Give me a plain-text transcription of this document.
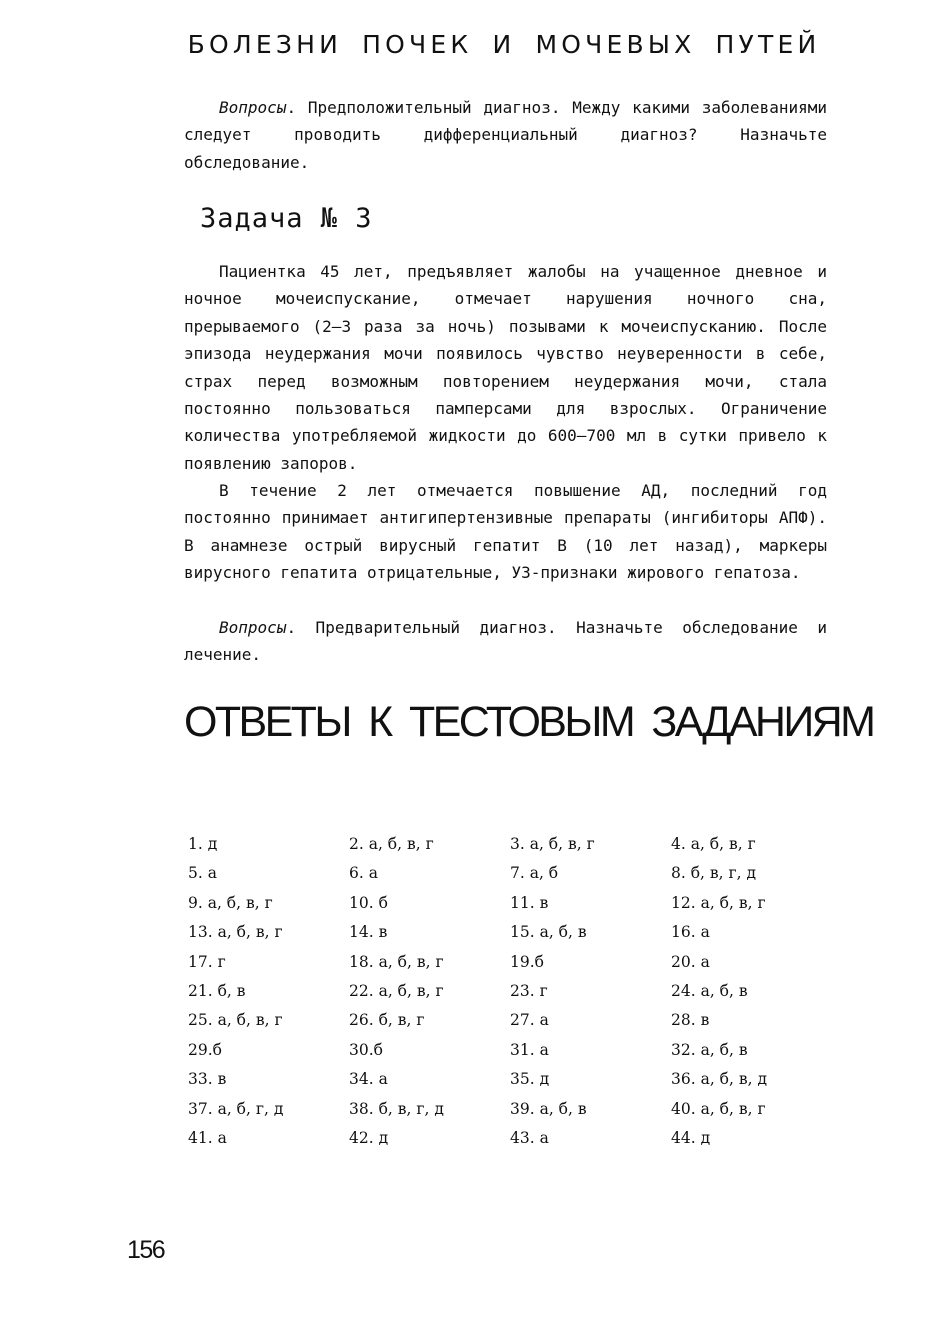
БОЛЕЗНИ ПОЧЕК И МОЧЕВЫХ ПУТЕЙ

Вопросы. Предположительный диагноз. Между какими заболеваниями следует проводить дифференциальный диагноз? Назначьте обследование.

Задача № 3

Пациентка 45 лет, предъявляет жалобы на учащенное дневное и ночное мочеиспускание, отмечает нарушения ночного сна, прерываемого (2–3 раза за ночь) позывами к мочеиспусканию. После эпизода неудержания мочи появилось чувство неуверенности в себе, страх перед возможным повторением неудержания мочи, стала постоянно пользоваться памперсами для взрослых. Ограничение количества употребляемой жидкости до 600–700 мл в сутки привело к появлению запоров.

В течение 2 лет отмечается повышение АД, последний год постоянно принимает антигипертензивные препараты (ингибиторы АПФ). В анамнезе острый вирусный гепатит В (10 лет назад), маркеры вирусного гепатита отрицательные, УЗ-признаки жирового гепатоза.

Вопросы. Предварительный диагноз. Назначьте обследование и лечение.

ОТВЕТЫ К ТЕСТОВЫМ ЗАДАНИЯМ
1. д	2. а, б, в, г	3. а, б, в, г	4. а, б, в, г
5. а	6. а	7. а, б	8. б, в, г, д
9. а, б, в, г	10. б	11. в	12. а, б, в, г
13. а, б, в, г	14. в	15. а, б, в	16. а
17. г	18. а, б, в, г	19.б	20. а
21. б, в	22. а, б, в, г	23. г	24. а, б, в
25. а, б, в, г	26. б, в, г	27. а	28. в
29.б	30.б	31. а	32. а, б, в
33. в	34. а	35. д	36. а, б, в, д
37. а, б, г, д	38. б, в, г, д	39. а, б, в	40. а, б, в, г
41. а	42. д	43. а	44. д
156
